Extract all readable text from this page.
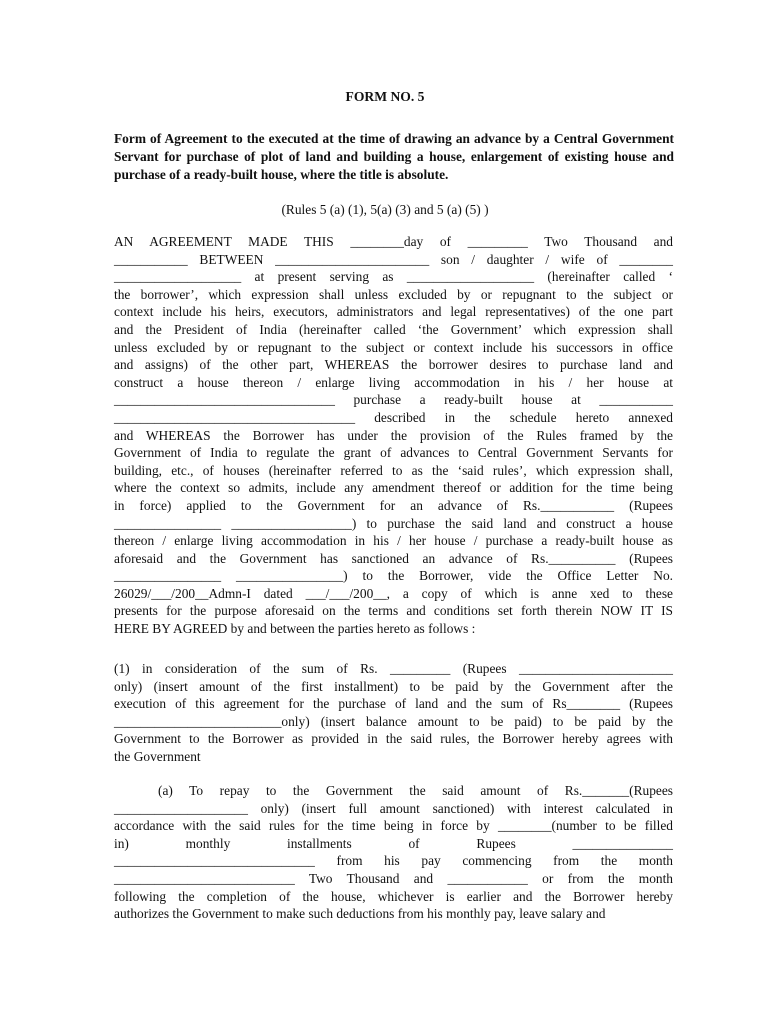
FORM NO. 5
Form of Agreement to the executed at the time of drawing an advance by a Central Government Servant for purchase of plot of land and building a house, enlargement of existing house and purchase of a ready-built house, where the title is absolute.
(Rules 5 (a) (1), 5(a) (3) and 5 (a) (5) )
AN AGREEMENT MADE THIS ________day of _________ Two Thousand and
___________ BETWEEN _______________________ son / daughter / wife of ________
___________________ at present serving as ___________________ (hereinafter called ‘
the borrower’, which expression shall unless excluded by or repugnant to the subject or
context include his heirs, executors, administrators and legal representatives) of the one part
and the President of India (hereinafter called ‘the Government’ which expression shall
unless excluded by or repugnant to the subject or context include his successors in office
and assigns) of the other part, WHEREAS the borrower desires to purchase land and
construct a house thereon / enlarge living accommodation in his / her house at
_________________________________ purchase a ready-built house at ___________
____________________________________ described in the schedule hereto annexed
and WHEREAS the Borrower has under the provision of the Rules framed by the
Government of India to regulate the grant of advances to Central Government Servants for
building, etc., of houses (hereinafter referred to as the ‘said rules’, which expression shall,
where the context so admits, include any amendment thereof or addition for the time being
in force) applied to the Government for an advance of Rs.___________ (Rupees
________________ __________________) to purchase the said land and construct a house
thereon / enlarge living accommodation in his / her house / purchase a ready-built house as
aforesaid and the Government has sanctioned an advance of Rs.__________ (Rupees
________________ ________________) to the Borrower, vide the Office Letter No.
26029/___/200__Admn-I dated ___/___/200__, a copy of which is anne xed to these
presents for the purpose aforesaid on the terms and conditions set forth therein NOW IT IS
HERE BY AGREED by and between the parties hereto as follows :
(1) in consideration of the sum of Rs. _________ (Rupees _______________________
only) (insert amount of the first installment) to be paid by the Government after the
execution of this agreement for the purchase of land and the sum of Rs________ (Rupees
_________________________only) (insert balance amount to be paid) to be paid by the
Government to the Borrower as provided in the said rules, the Borrower hereby agrees with
the Government
(a) To repay to the Government the said amount of Rs._______(Rupees
____________________ only) (insert full amount sanctioned) with interest calculated in
accordance with the said rules for the time being in force by ________(number to be filled
in) monthly installments of Rupees _______________
______________________________ from his pay commencing from the month
___________________________ Two Thousand and ____________ or from the month
following the completion of the house, whichever is earlier and the Borrower hereby
authorizes the Government to make such deductions from his monthly pay, leave salary and
